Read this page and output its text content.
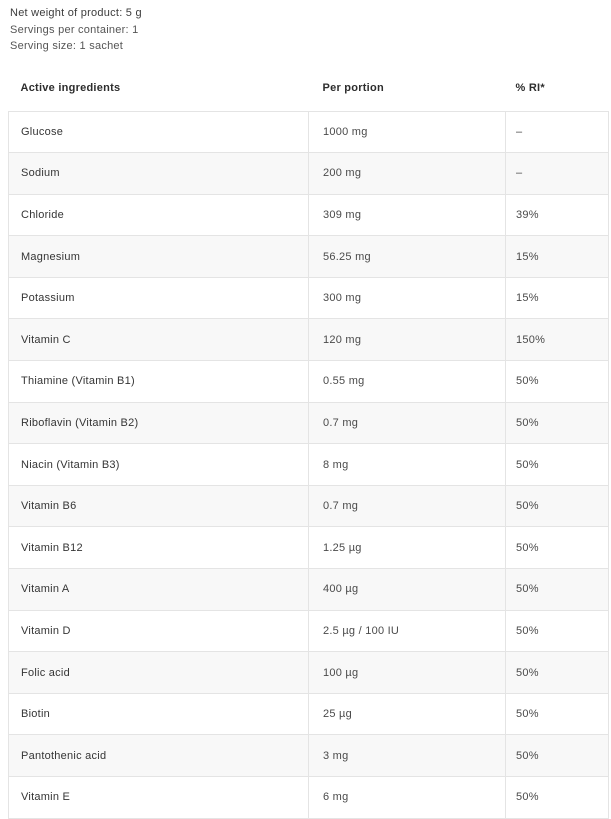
Net weight of product: 5 g
Servings per container: 1
Serving size: 1 sachet
Active ingredients	Per portion	% RI*
Glucose	1000 mg	–
Sodium	200 mg	–
Chloride	309 mg	39%
Magnesium	56.25 mg	15%
Potassium	300 mg	15%
Vitamin C	120 mg	150%
Thiamine (Vitamin B1)	0.55 mg	50%
Riboflavin (Vitamin B2)	0.7 mg	50%
Niacin (Vitamin B3)	8 mg	50%
Vitamin B6	0.7 mg	50%
Vitamin B12	1.25 µg	50%
Vitamin A	400 µg	50%
Vitamin D	2.5 µg / 100 IU	50%
Folic acid	100 µg	50%
Biotin	25 µg	50%
Pantothenic acid	3 mg	50%
Vitamin E	6 mg	50%
